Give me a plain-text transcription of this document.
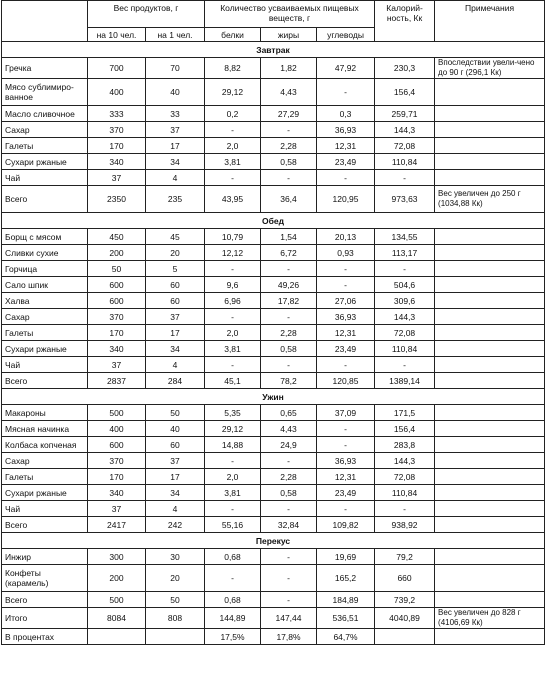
	Вес продуктов, г		Количество усваиваемых пищевых веществ, г			Калорий-ность, Кк	Примечания
	на 10 чел.	на 1 чел.	белки	жиры	углеводы		
Завтрак							
Гречка	700	70	8,82	1,82	47,92	230,3	Впоследствии увели-чено до 90 г (296,1 Кк)
Мясо сублимиро-ванное	400	40	29,12	4,43	-	156,4	
Масло сливочное	333	33	0,2	27,29	0,3	259,71	
Сахар	370	37	-	-	36,93	144,3	
Галеты	170	17	2,0	2,28	12,31	72,08	
Сухари ржаные	340	34	3,81	0,58	23,49	110,84	
Чай	37	4	-	-	-	-	
Всего	2350	235	43,95	36,4	120,95	973,63	Вес увеличен до 250 г (1034,88 Кк)
Обед							
Борщ с мясом	450	45	10,79	1,54	20,13	134,55	
Сливки сухие	200	20	12,12	6,72	0,93	113,17	
Горчица	50	5	-	-	-	-	
Сало шпик	600	60	9,6	49,26	-	504,6	
Халва	600	60	6,96	17,82	27,06	309,6	
Сахар	370	37	-	-	36,93	144,3	
Галеты	170	17	2,0	2,28	12,31	72,08	
Сухари ржаные	340	34	3,81	0,58	23,49	110,84	
Чай	37	4	-	-	-	-	
Всего	2837	284	45,1	78,2	120,85	1389,14	
Ужин							
Макароны	500	50	5,35	0,65	37,09	171,5	
Мясная начинка	400	40	29,12	4,43	-	156,4	
Колбаса копченая	600	60	14,88	24,9	-	283,8	
Сахар	370	37	-	-	36,93	144,3	
Галеты	170	17	2,0	2,28	12,31	72,08	
Сухари ржаные	340	34	3,81	0,58	23,49	110,84	
Чай	37	4	-	-	-	-	
Всего	2417	242	55,16	32,84	109,82	938,92	
Перекус							
Инжир	300	30	0,68	-	19,69	79,2	
Конфеты (карамель)	200	20	-	-	165,2	660	
Всего	500	50	0,68	-	184,89	739,2	
Итого	8084	808	144,89	147,44	536,51	4040,89	Вес увеличен до 828 г (4106,69 Кк)
В процентах			17,5%	17,8%	64,7%		
